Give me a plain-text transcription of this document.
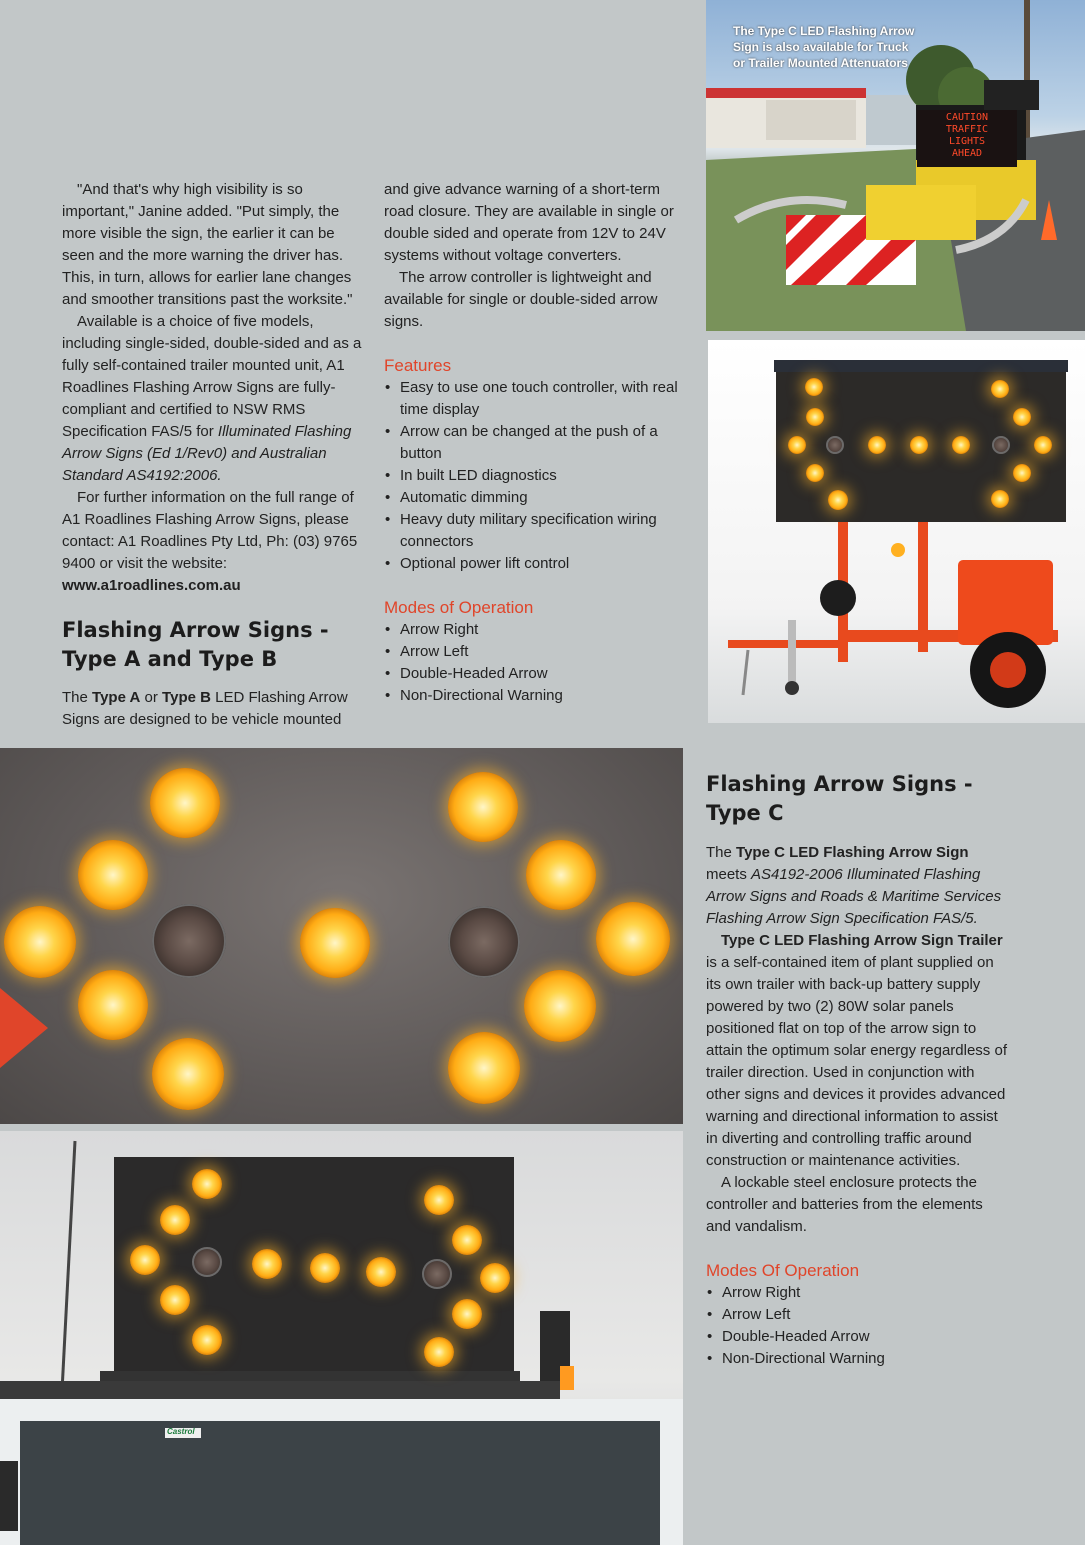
CAUTION
TRAFFIC
LIGHTS
AHEAD
The Type C LED Flashing Arrow
Sign is also available for Truck
or Trailer Mounted Attenuators
Castrol

"And that's why high visibility is so important," Janine added. "Put simply, the more visible the sign, the earlier it can be seen and the more warning the driver has. This, in turn, allows for earlier lane changes and smoother transitions past the worksite."

Available is a choice of five models, including single-sided, double-sided and as a fully self-contained trailer mounted unit, A1 Roadlines Flashing Arrow Signs are fully-compliant and certified to NSW RMS Specification FAS/5 for Illuminated Flashing Arrow Signs (Ed 1/Rev0) and Australian Standard AS4192:2006.

For further information on the full range of A1 Roadlines Flashing Arrow Signs, please contact: A1 Roadlines Pty Ltd, Ph: (03) 9765 9400 or visit the website:

www.a1roadlines.com.au

Flashing Arrow Signs -
Type A and Type B

The Type A or Type B LED Flashing Arrow Signs are designed to be vehicle mounted

and give advance warning of a short-term road closure. They are available in single or double sided and operate from 12V to 24V systems without voltage converters.

The arrow controller is lightweight and available for single or double-sided arrow signs.

Features
• Easy to use one touch controller, with real time display
• Arrow can be changed at the push of a button
• In built LED diagnostics
• Automatic dimming
• Heavy duty military specification wiring connectors
• Optional power lift control
Modes of Operation
• Arrow Right
• Arrow Left
• Double-Headed Arrow
• Non-Directional Warning
Flashing Arrow Signs -
Type C

The Type C LED Flashing Arrow Sign meets AS4192-2006 Illuminated Flashing Arrow Signs and Roads & Maritime Services Flashing Arrow Sign Specification FAS/5.

Type C LED Flashing Arrow Sign Trailer is a self-contained item of plant supplied on its own trailer with back-up battery supply powered by two (2) 80W solar panels positioned flat on top of the arrow sign to attain the optimum solar energy regardless of trailer direction. Used in conjunction with other signs and devices it provides advanced warning and directional information to assist in diverting and controlling traffic around construction or maintenance activities.

A lockable steel enclosure protects the controller and batteries from the elements and vandalism.

Modes Of Operation
• Arrow Right
• Arrow Left
• Double-Headed Arrow
• Non-Directional Warning
